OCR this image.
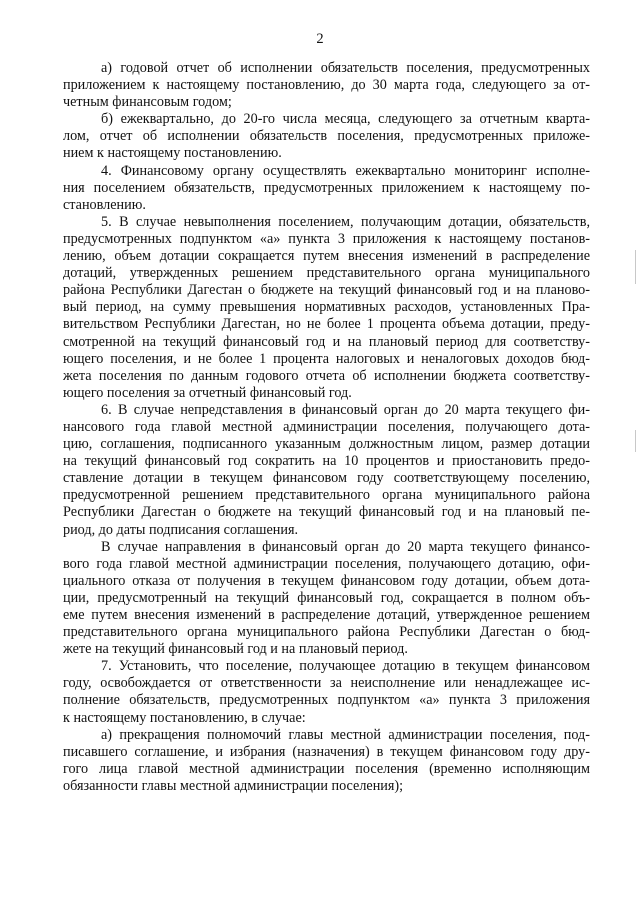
2
а) годовой отчет об исполнении обязательств поселения, предусмотренных
приложением к настоящему постановлению, до 30 марта года, следующего за от-
четным финансовым годом;
б) ежеквартально, до 20-го числа месяца, следующего за отчетным кварта-
лом, отчет об исполнении обязательств поселения, предусмотренных приложе-
нием к настоящему постановлению.
4. Финансовому органу осуществлять ежеквартально мониторинг исполне-
ния поселением обязательств, предусмотренных приложением к настоящему по-
становлению.
5. В случае невыполнения поселением, получающим дотации, обязательств,
предусмотренных подпунктом «а» пункта 3 приложения к настоящему постанов-
лению, объем дотации сокращается путем внесения изменений в распределение
дотаций, утвержденных решением представительного органа муниципального
района Республики Дагестан о бюджете на текущий финансовый год и на планово-
вый период, на сумму превышения нормативных расходов, установленных Пра-
вительством Республики Дагестан, но не более 1 процента объема дотации, преду-
смотренной на текущий финансовый год и на плановый период для соответству-
ющего поселения, и не более 1 процента налоговых и неналоговых доходов бюд-
жета поселения по данным годового отчета об исполнении бюджета соответству-
ющего поселения за отчетный финансовый год.
6. В случае непредставления в финансовый орган до 20 марта текущего фи-
нансового года главой местной администрации поселения, получающего дота-
цию, соглашения, подписанного указанным должностным лицом, размер дотации
на текущий финансовый год сократить на 10 процентов и приостановить предо-
ставление дотации в текущем финансовом году соответствующему поселению,
предусмотренной решением представительного органа муниципального района
Республики Дагестан о бюджете на текущий финансовый год и на плановый пе-
риод, до даты подписания соглашения.
В случае направления в финансовый орган до 20 марта текущего финансо-
вого года главой местной администрации поселения, получающего дотацию, офи-
циального отказа от получения в текущем финансовом году дотации, объем дота-
ции, предусмотренный на текущий финансовый год, сокращается в полном объ-
еме путем внесения изменений в распределение дотаций, утвержденное решением
представительного органа муниципального района Республики Дагестан о бюд-
жете на текущий финансовый год и на плановый период.
7. Установить, что поселение, получающее дотацию в текущем финансовом
году, освобождается от ответственности за неисполнение или ненадлежащее ис-
полнение обязательств, предусмотренных подпунктом «а» пункта 3 приложения
к настоящему постановлению, в случае:
а) прекращения полномочий главы местной администрации поселения, под-
писавшего соглашение, и избрания (назначения) в текущем финансовом году дру-
гого лица главой местной администрации поселения (временно исполняющим
обязанности главы местной администрации поселения);
